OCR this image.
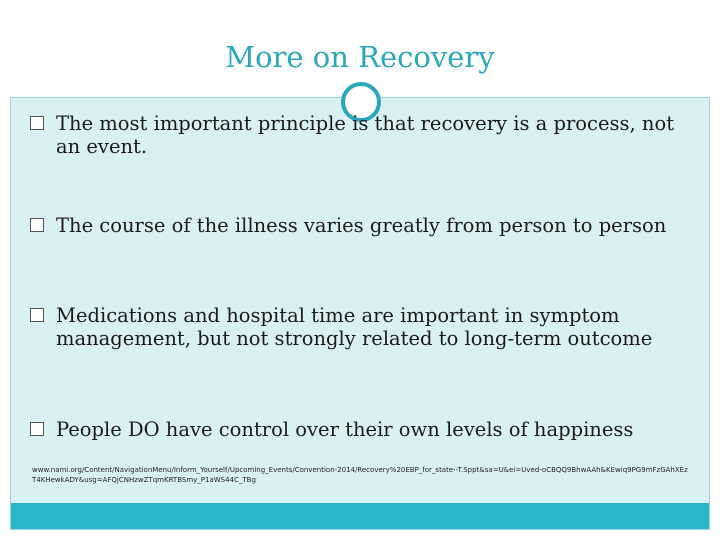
More on Recovery

The most important principle is that recovery is a process, not an event.

The course of the illness varies greatly from person to person

Medications and hospital time are important in symptom management, but not strongly related to long-term outcome

People DO have control over their own levels of happiness

www.nami.org/Content/NavigationMenu/Inform_Yourself/Upcoming_Events/Convention-2014/Recovery%20EBP_for_state--T.Sppt&sa=U&ei=Uved-oCBQQ9BhwAAh&KEwiq9PG9mFzGAhXEzT4KHewkADY&usg=AFQjCNHzwZTqmKRTBSmy_P1aWS44C_TBg
